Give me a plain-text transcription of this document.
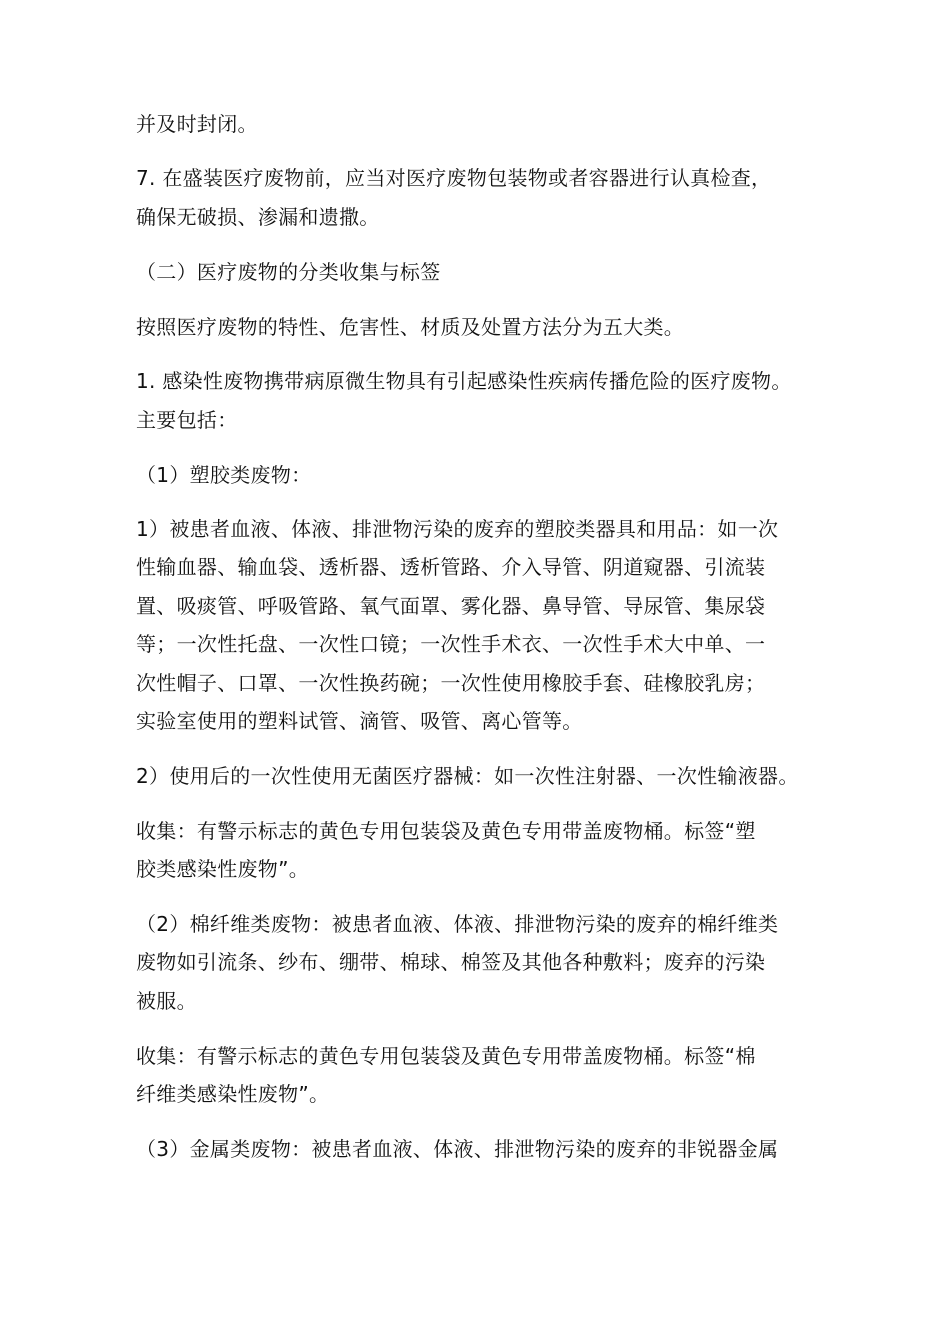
并及时封闭。

7. 在盛装医疗废物前，应当对医疗废物包装物或者容器进行认真检查，

确保无破损、渗漏和遗撒。

（二）医疗废物的分类收集与标签

按照医疗废物的特性、危害性、材质及处置方法分为五大类。

1. 感染性废物携带病原微生物具有引起感染性疾病传播危险的医疗废物。

主要包括：

（1）塑胶类废物：

1）被患者血液、体液、排泄物污染的废弃的塑胶类器具和用品：如一次

性输血器、输血袋、透析器、透析管路、介入导管、阴道窥器、引流装

置、吸痰管、呼吸管路、氧气面罩、雾化器、鼻导管、导尿管、集尿袋

等；一次性托盘、一次性口镜；一次性手术衣、一次性手术大中单、一

次性帽子、口罩、一次性换药碗；一次性使用橡胶手套、硅橡胶乳房；

实验室使用的塑料试管、滴管、吸管、离心管等。

2）使用后的一次性使用无菌医疗器械：如一次性注射器、一次性输液器。

收集：有警示标志的黄色专用包装袋及黄色专用带盖废物桶。标签“塑

胶类感染性废物”。

（2）棉纤维类废物：被患者血液、体液、排泄物污染的废弃的棉纤维类

废物如引流条、纱布、绷带、棉球、棉签及其他各种敷料；废弃的污染

被服。

收集：有警示标志的黄色专用包装袋及黄色专用带盖废物桶。标签“棉

纤维类感染性废物”。

（3）金属类废物：被患者血液、体液、排泄物污染的废弃的非锐器金属
